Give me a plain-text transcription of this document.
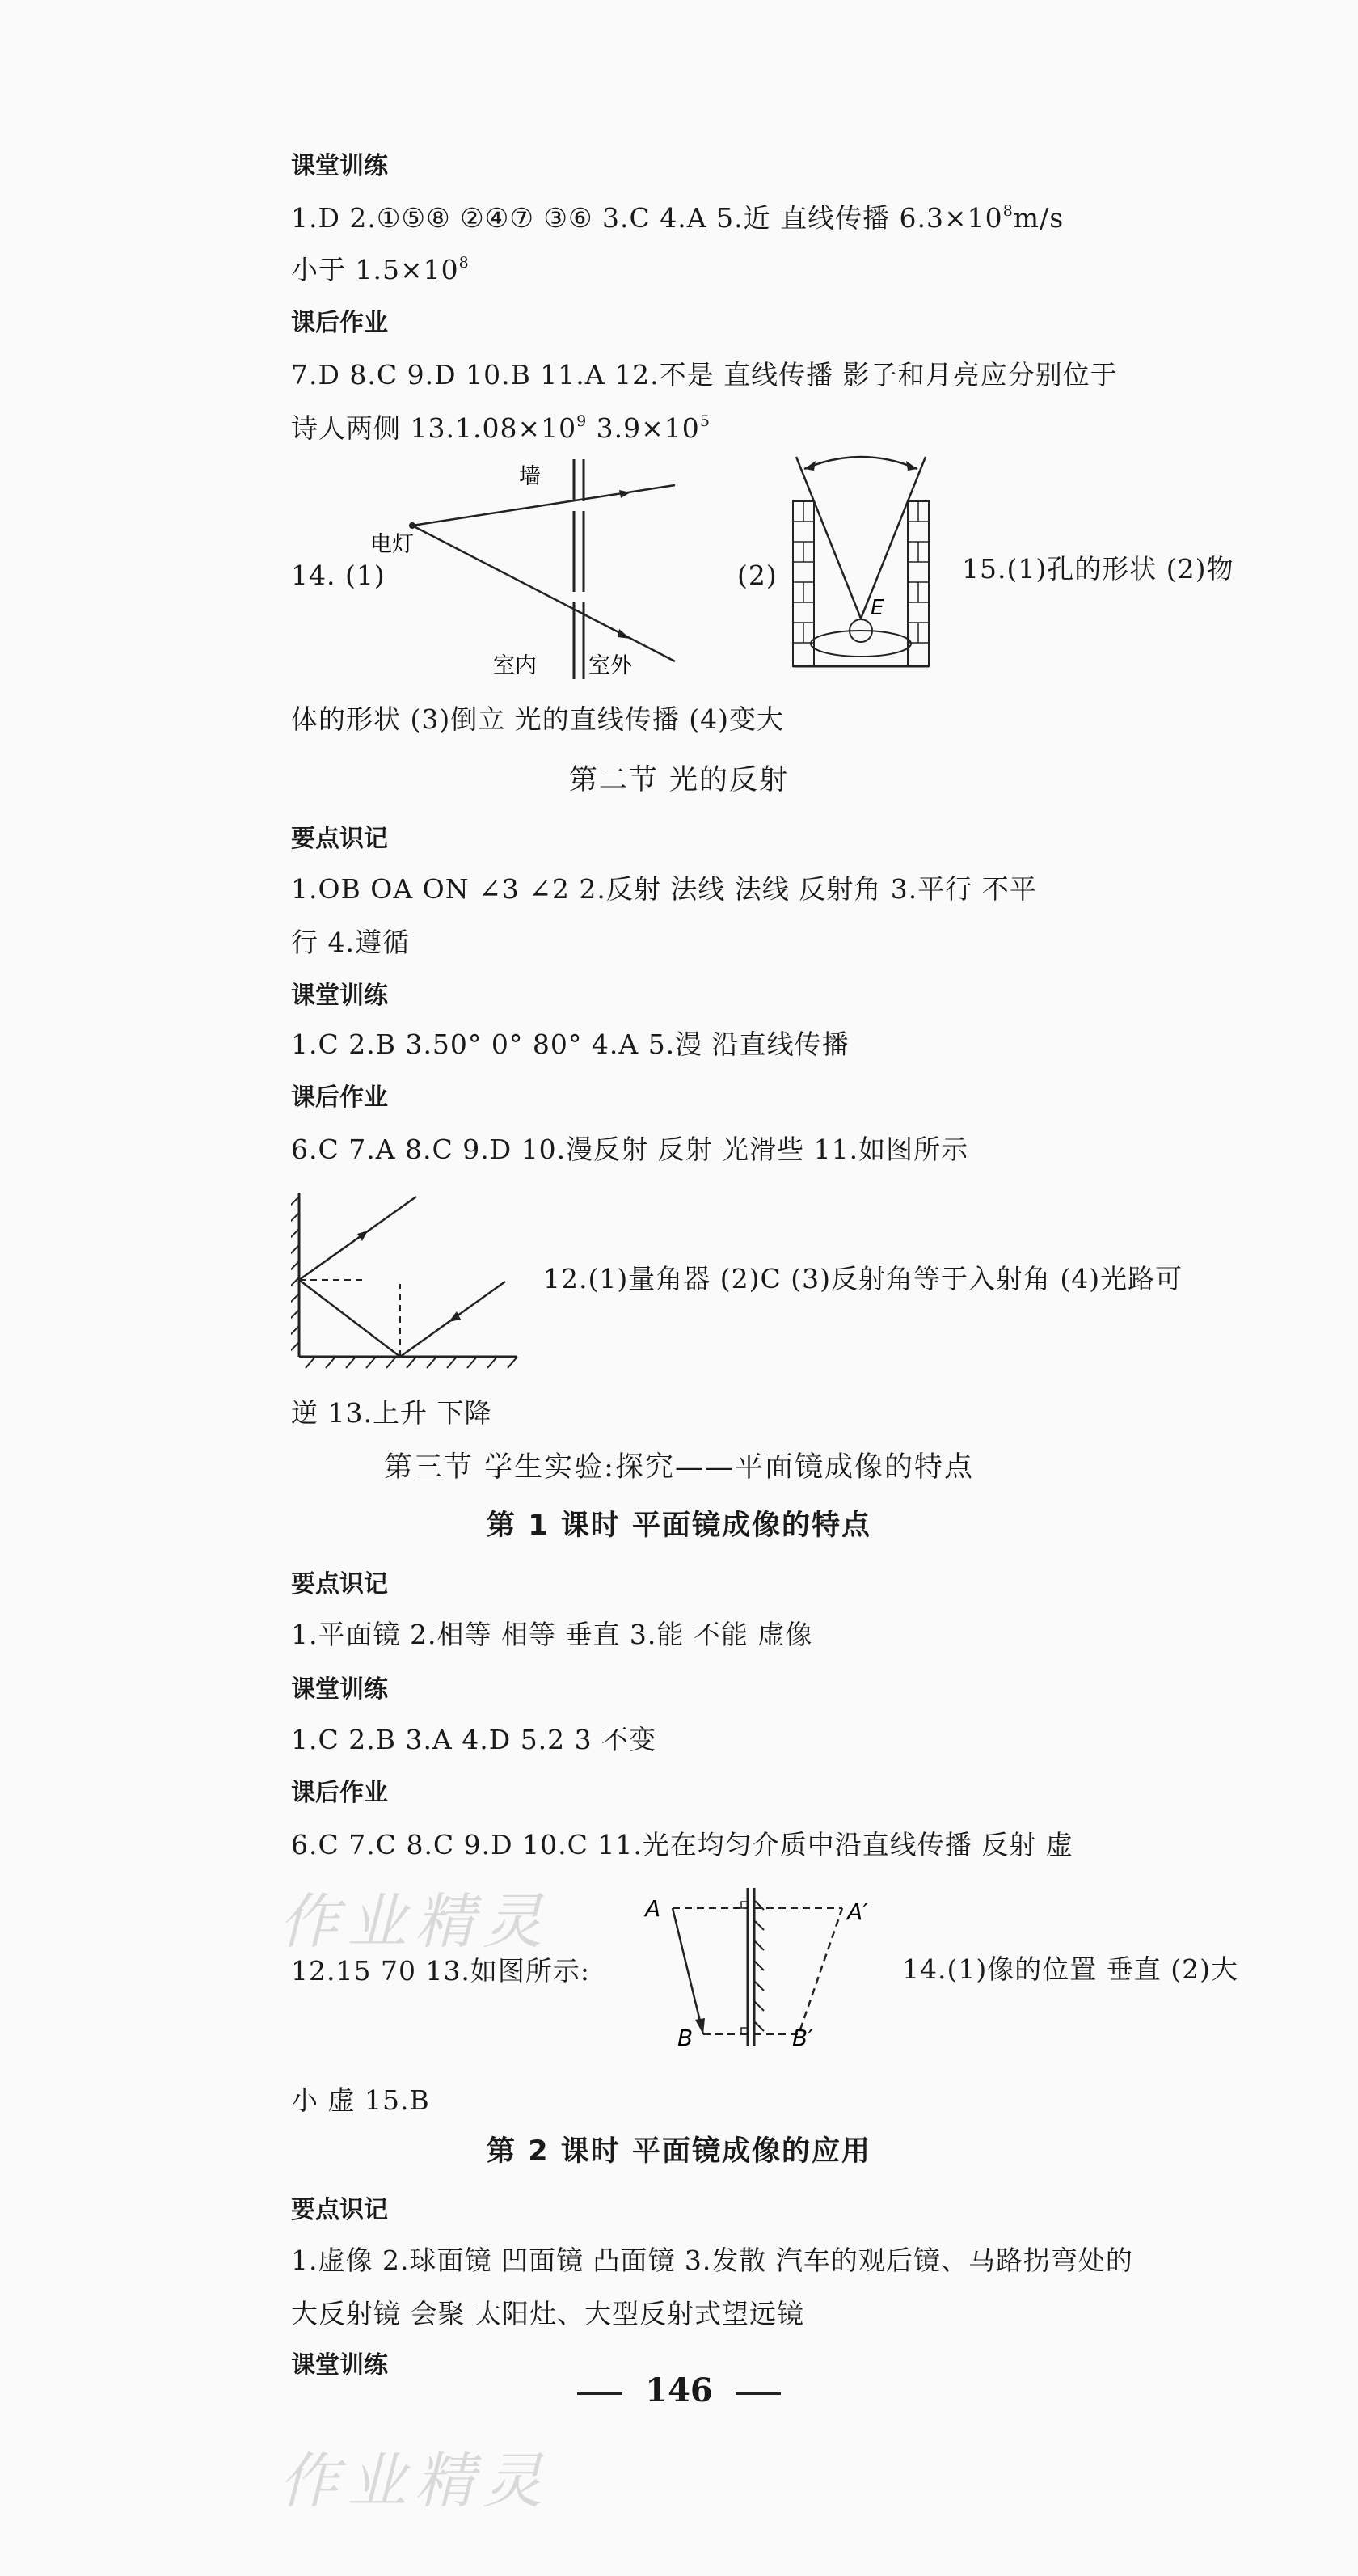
课堂训练
1.D 2.①⑤⑧ ②④⑦ ③⑥ 3.C 4.A 5.近 直线传播 $6.3\times 10^8m/s$
小于 $1.5\times 10^8$
课后作业
7.D 8.C 9.D 10.B 11.A 12.不是 直线传播 影子和月亮应分别位于
诗人两侧 $13.1.08\times 10^9$ $3.9\times 10^5$
14. (1)
墙
电灯
室内 室外
(2)
E
15.(1)孔的形状 (2)物
体的形状 (3)倒立 光的直线传播 (4)变大
第二节 光的反射
要点识记
1.OB OA ON ∠3 ∠2 2.反射 法线 法线 反射角 3.平行 不平
行 4.遵循
课堂训练
1.C 2.B 3.50° 0° 80° 4.A 5.漫 沿直线传播
课后作业
6.C 7.A 8.C 9.D 10.漫反射 反射 光滑些 11.如图所示
12.(1)量角器 (2)C (3)反射角等于入射角 (4)光路可
逆 13.上升 下降
第三节 学生实验:探究——平面镜成像的特点
第 1 课时 平面镜成像的特点
要点识记
1.平面镜 2.相等 相等 垂直 3.能 不能 虚像
课堂训练
1.C 2.B 3.A 4.D 5.2 3 不变
课后作业
6.C 7.C 8.C 9.D 10.C 11.光在均匀介质中沿直线传播 反射 虚
12.15 70 13.如图所示:
A	A′
B	B′
14.(1)像的位置 垂直 (2)大
小 虚 15.B
第 2 课时 平面镜成像的应用
要点识记
1.虚像 2.球面镜 凹面镜 凸面镜 3.发散 汽车的观后镜、马路拐弯处的
大反射镜 会聚 太阳灶、大型反射式望远镜
课堂训练
146
作业精灵
作业精灵
